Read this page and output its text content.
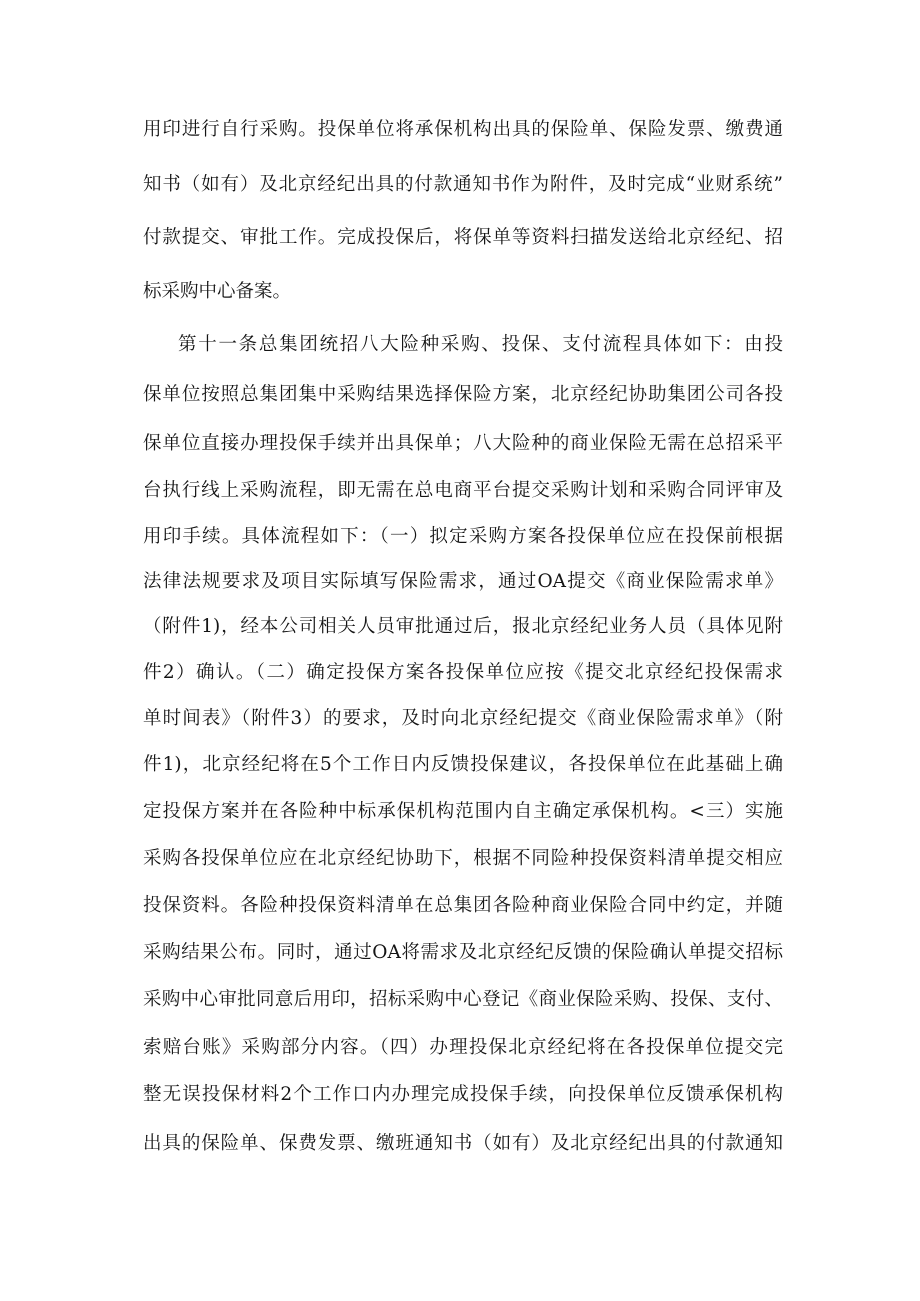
用印进行自行采购。投保单位将承保机构出具的保险单、保险发票、缴费通
知书（如有）及北京经纪出具的付款通知书作为附件，及时完成“业财系统”
付款提交、审批工作。完成投保后，将保单等资料扫描发送给北京经纪、招
标采购中心备案。
第十一条总集团统招八大险种采购、投保、支付流程具体如下：由投
保单位按照总集团集中采购结果选择保险方案，北京经纪协助集团公司各投
保单位直接办理投保手续并出具保单；八大险种的商业保险无需在总招采平
台执行线上采购流程，即无需在总电商平台提交采购计划和采购合同评审及
用印手续。具体流程如下：（一）拟定采购方案各投保单位应在投保前根据
法律法规要求及项目实际填写保险需求，通过OA提交《商业保险需求单》
（附件1)，经本公司相关人员审批通过后，报北京经纪业务人员（具体见附
件2）确认。（二）确定投保方案各投保单位应按《提交北京经纪投保需求
单时间表》（附件3）的要求，及时向北京经纪提交《商业保险需求单》（附
件1)，北京经纪将在5个工作日内反馈投保建议，各投保单位在此基础上确
定投保方案并在各险种中标承保机构范围内自主确定承保机构。<三）实施
采购各投保单位应在北京经纪协助下，根据不同险种投保资料清单提交相应
投保资料。各险种投保资料清单在总集团各险种商业保险合同中约定，并随
采购结果公布。同时，通过OA将需求及北京经纪反馈的保险确认单提交招标
采购中心审批同意后用印，招标采购中心登记《商业保险采购、投保、支付、
索赔台账》采购部分内容。（四）办理投保北京经纪将在各投保单位提交完
整无误投保材料2个工作口内办理完成投保手续，向投保单位反馈承保机构
出具的保险单、保费发票、缴班通知书（如有）及北京经纪出具的付款通知
